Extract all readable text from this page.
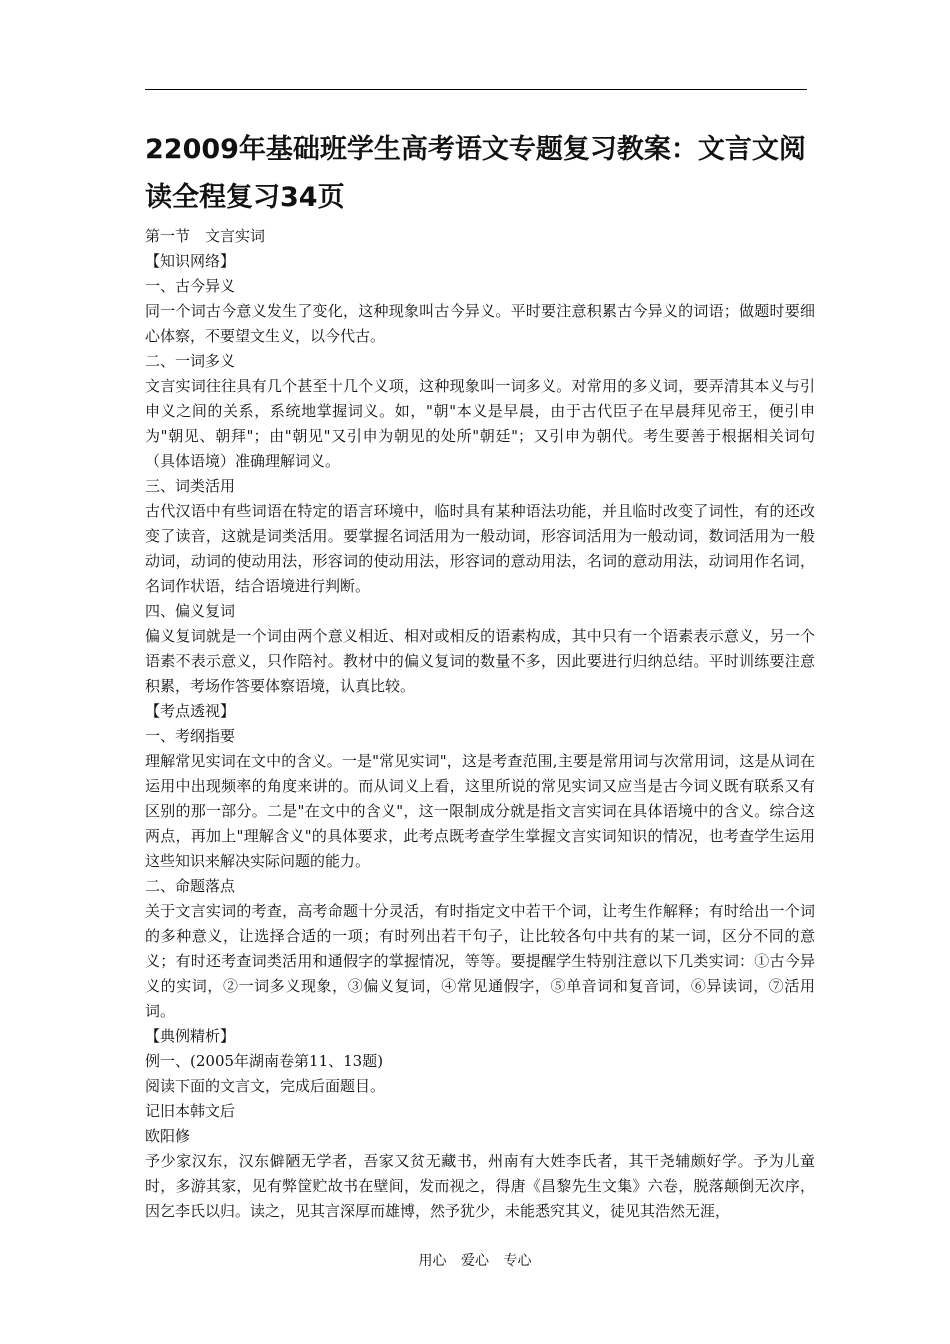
22009年基础班学生高考语文专题复习教案：文言文阅读全程复习34页

第一节　文言实词

【知识网络】

一、古今异义

同一个词古今意义发生了变化，这种现象叫古今异义。平时要注意积累古今异义的词语；做题时要细心体察，不要望文生义，以今代古。

二、一词多义

文言实词往往具有几个甚至十几个义项，这种现象叫一词多义。对常用的多义词，要弄清其本义与引申义之间的关系，系统地掌握词义。如，"朝"本义是早晨，由于古代臣子在早晨拜见帝王，便引申为"朝见、朝拜"；由"朝见"又引申为朝见的处所"朝廷"；又引申为朝代。考生要善于根据相关词句（具体语境）准确理解词义。

三、词类活用

古代汉语中有些词语在特定的语言环境中，临时具有某种语法功能，并且临时改变了词性，有的还改变了读音，这就是词类活用。要掌握名词活用为一般动词，形容词活用为一般动词，数词活用为一般动词，动词的使动用法，形容词的使动用法，形容词的意动用法，名词的意动用法，动词用作名词，名词作状语，结合语境进行判断。

四、偏义复词

偏义复词就是一个词由两个意义相近、相对或相反的语素构成，其中只有一个语素表示意义，另一个语素不表示意义，只作陪衬。教材中的偏义复词的数量不多，因此要进行归纳总结。平时训练要注意积累，考场作答要体察语境，认真比较。

【考点透视】

一、考纲指要

理解常见实词在文中的含义。一是"常见实词"，这是考查范围,主要是常用词与次常用词，这是从词在运用中出现频率的角度来讲的。而从词义上看，这里所说的常见实词又应当是古今词义既有联系又有区别的那一部分。二是"在文中的含义"，这一限制成分就是指文言实词在具体语境中的含义。综合这两点，再加上"理解含义"的具体要求，此考点既考查学生掌握文言实词知识的情况，也考查学生运用这些知识来解决实际问题的能力。

二、命题落点

关于文言实词的考查，高考命题十分灵活，有时指定文中若干个词，让考生作解释；有时给出一个词的多种意义，让选择合适的一项；有时列出若干句子，让比较各句中共有的某一词，区分不同的意义；有时还考查词类活用和通假字的掌握情况，等等。要提醒学生特别注意以下几类实词：①古今异义的实词，②一词多义现象，③偏义复词，④常见通假字，⑤单音词和复音词，⑥异读词，⑦活用词。

【典例精析】

例一、(2005年湖南卷第11、13题)

阅读下面的文言文，完成后面题目。

记旧本韩文后

欧阳修

予少家汉东，汉东僻陋无学者，吾家又贫无藏书，州南有大姓李氏者，其干尧辅颇好学。予为儿童时，多游其家，见有弊筐贮故书在壁间，发而视之，得唐《昌黎先生文集》六卷，脱落颠倒无次序，因乞李氏以归。读之，见其言深厚而雄博，然予犹少，未能悉究其义，徒见其浩然无涯，

用心 爱心 专心
